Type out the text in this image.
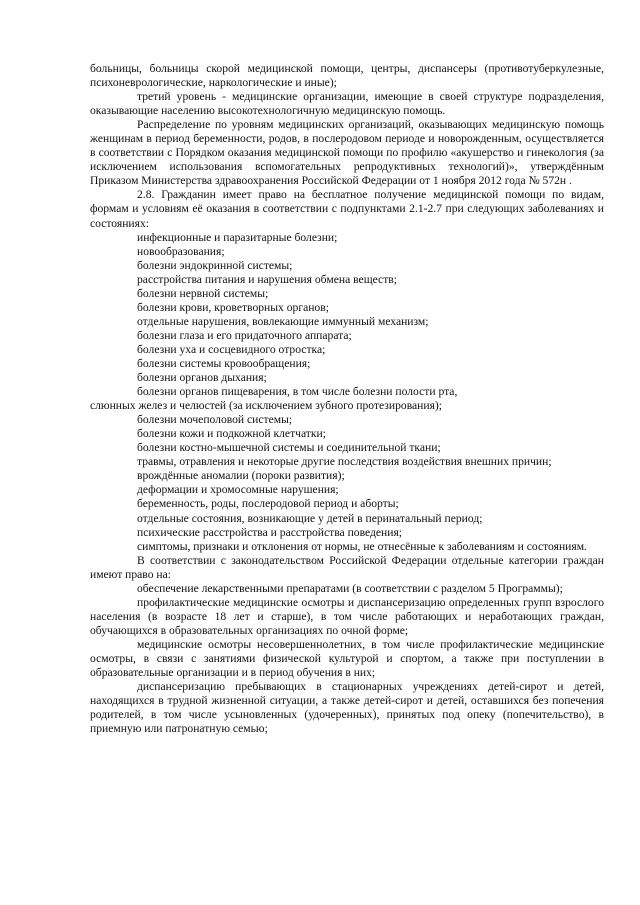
больницы, больницы скорой медицинской помощи, центры, диспансеры (противотуберкулезные, психоневрологические, наркологические и иные);

третий уровень - медицинские организации, имеющие в своей структуре подразделения, оказывающие населению высокотехнологичную медицинскую помощь.

Распределение по уровням медицинских организаций, оказывающих медицинскую помощь женщинам в период беременности, родов, в послеродовом периоде и новорожденным, осуществляется в соответствии с Порядком оказания медицинской помощи по профилю «акушерство и гинекология (за исключением использования вспомогательных репродуктивных технологий)», утверждённым Приказом Министерства здравоохранения Российской Федерации от 1 ноября 2012 года № 572н .

2.8. Гражданин имеет право на бесплатное получение медицинской помощи по видам, формам и условиям её оказания в соответствии с подпунктами 2.1-2.7 при следующих заболеваниях и состояниях:

инфекционные и паразитарные болезни;

новообразования;

болезни эндокринной системы;

расстройства питания и нарушения обмена веществ;

болезни нервной системы;

болезни крови, кроветворных органов;

отдельные нарушения, вовлекающие иммунный механизм;

болезни глаза и его придаточного аппарата;

болезни уха и сосцевидного отростка;

болезни системы кровообращения;

болезни органов дыхания;

болезни органов пищеварения, в том числе болезни полости рта,

слюнных желез и челюстей (за исключением зубного протезирования);

болезни мочеполовой системы;

болезни кожи и подкожной клетчатки;

болезни костно-мышечной системы и соединительной ткани;

травмы, отравления и некоторые другие последствия воздействия внешних причин;

врождённые аномалии (пороки развития);

деформации и хромосомные нарушения;

беременность, роды, послеродовой период и аборты;

отдельные состояния, возникающие у детей в перинатальный период;

психические расстройства и расстройства поведения;

симптомы, признаки и отклонения от нормы, не отнесённые к заболеваниям и состояниям.

В соответствии с законодательством Российской Федерации отдельные категории граждан имеют право на:

обеспечение лекарственными препаратами (в соответствии с разделом 5 Программы);

профилактические медицинские осмотры и диспансеризацию определенных групп взрослого населения (в возрасте 18 лет и старше), в том числе работающих и неработающих граждан, обучающихся в образовательных организациях по очной форме;

медицинские осмотры несовершеннолетних, в том числе профилактические медицинские осмотры, в связи с занятиями физической культурой и спортом, а также при поступлении в образовательные организации и в период обучения в них;

диспансеризацию пребывающих в стационарных учреждениях детей-сирот и детей, находящихся в трудной жизненной ситуации, а также детей-сирот и детей, оставшихся без попечения родителей, в том числе усыновленных (удочеренных), принятых под опеку (попечительство), в приемную или патронатную семью;
